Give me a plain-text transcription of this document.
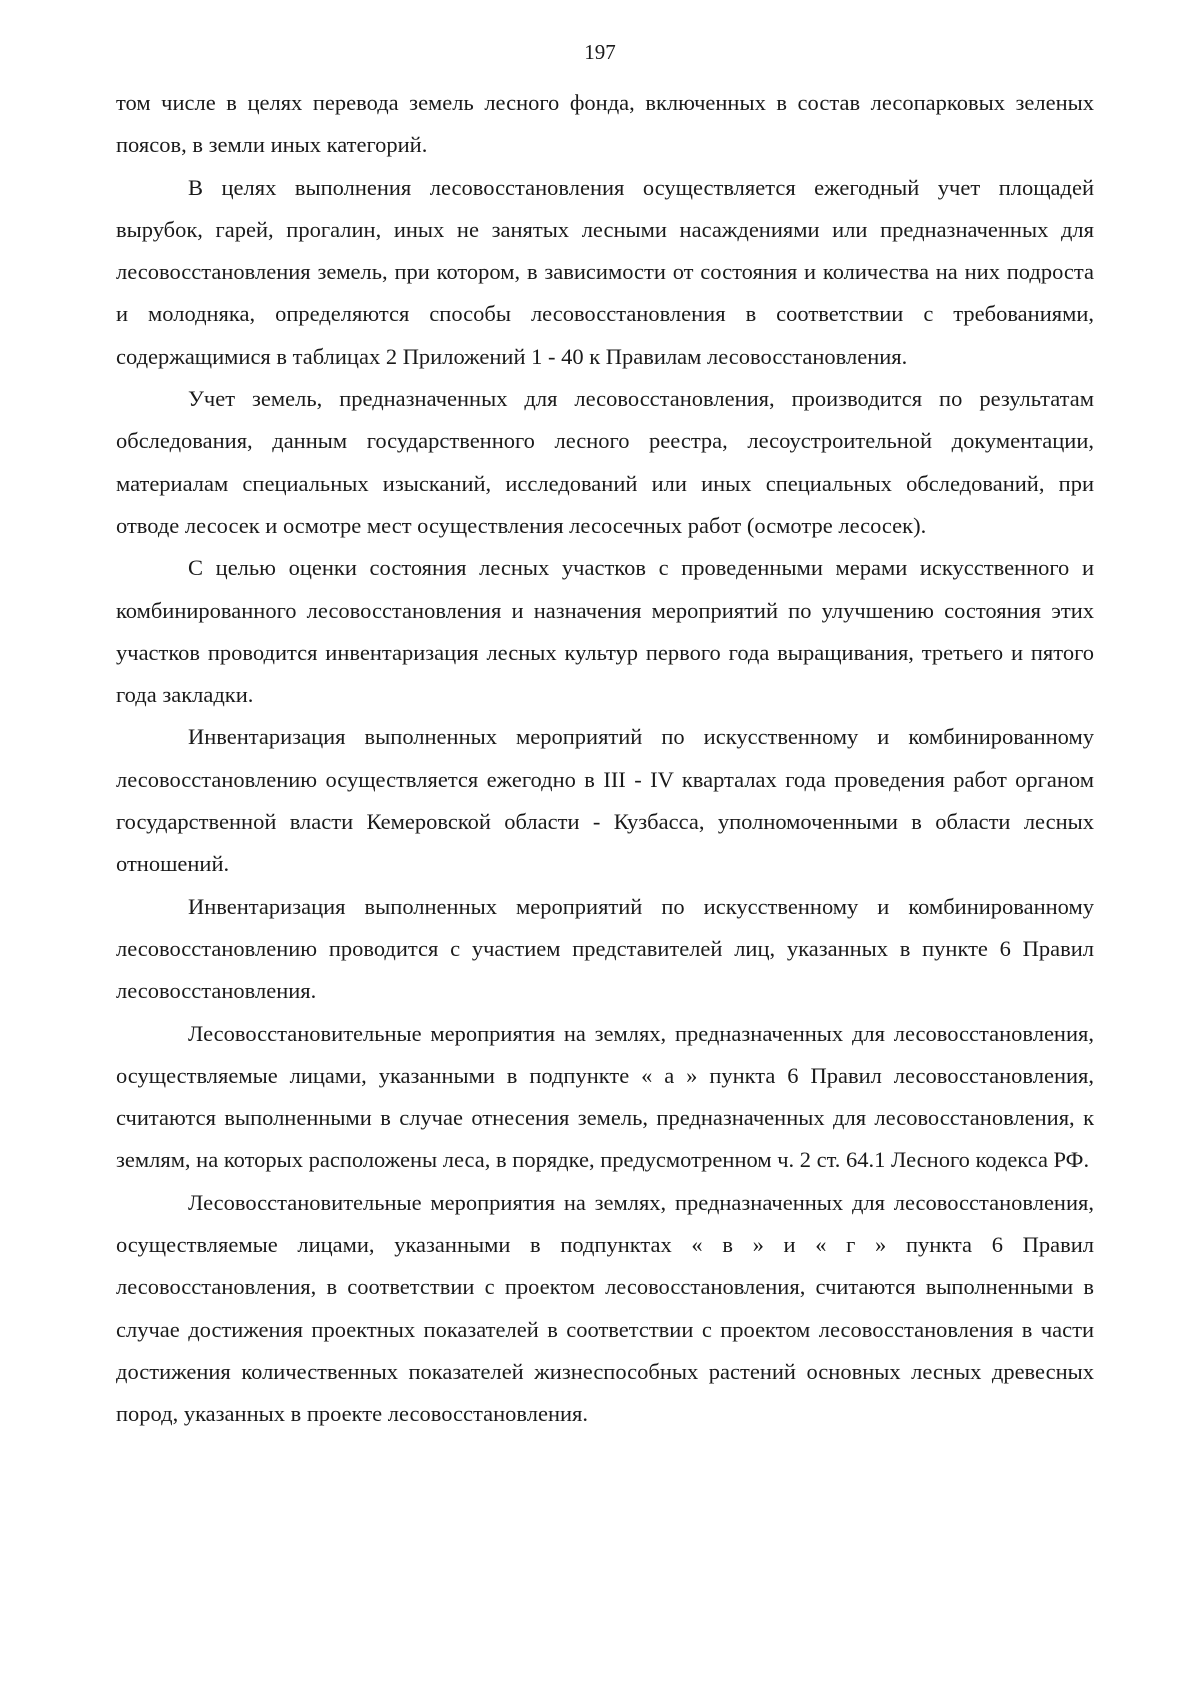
197

том числе в целях перевода земель лесного фонда, включенных в состав лесопарковых зеленых поясов, в земли иных категорий.

В целях выполнения лесовосстановления осуществляется ежегодный учет площадей вырубок, гарей, прогалин, иных не занятых лесными насаждениями или предназначенных для лесовосстановления земель, при котором, в зависимости от состояния и количества на них подроста и молодняка, определяются способы лесовосстановления в соответствии с требованиями, содержащимися в таблицах 2 Приложений 1 - 40 к Правилам лесовосстановления.

Учет земель, предназначенных для лесовосстановления, производится по результатам обследования, данным государственного лесного реестра, лесоустроительной документации, материалам специальных изысканий, исследований или иных специальных обследований, при отводе лесосек и осмотре мест осуществления лесосечных работ (осмотре лесосек).

С целью оценки состояния лесных участков с проведенными мерами искусственного и комбинированного лесовосстановления и назначения мероприятий по улучшению состояния этих участков проводится инвентаризация лесных культур первого года выращивания, третьего и пятого года закладки.

Инвентаризация выполненных мероприятий по искусственному и комбинированному лесовосстановлению осуществляется ежегодно в III - IV кварталах года проведения работ органом государственной власти Кемеровской области - Кузбасса, уполномоченными в области лесных отношений.

Инвентаризация выполненных мероприятий по искусственному и комбинированному лесовосстановлению проводится с участием представителей лиц, указанных в пункте 6 Правил лесовосстановления.

Лесовосстановительные мероприятия на землях, предназначенных для лесовосстановления, осуществляемые лицами, указанными в подпункте « а » пункта 6 Правил лесовосстановления, считаются выполненными в случае отнесения земель, предназначенных для лесовосстановления, к землям, на которых расположены леса, в порядке, предусмотренном ч. 2 ст. 64.1 Лесного кодекса РФ.

Лесовосстановительные мероприятия на землях, предназначенных для лесовосстановления, осуществляемые лицами, указанными в подпунктах « в » и « г » пункта 6 Правил лесовосстановления, в соответствии с проектом лесовосстановления, считаются выполненными в случае достижения проектных показателей в соответствии с проектом лесовосстановления в части достижения количественных показателей жизнеспособных растений основных лесных древесных пород, указанных в проекте лесовосстановления.
